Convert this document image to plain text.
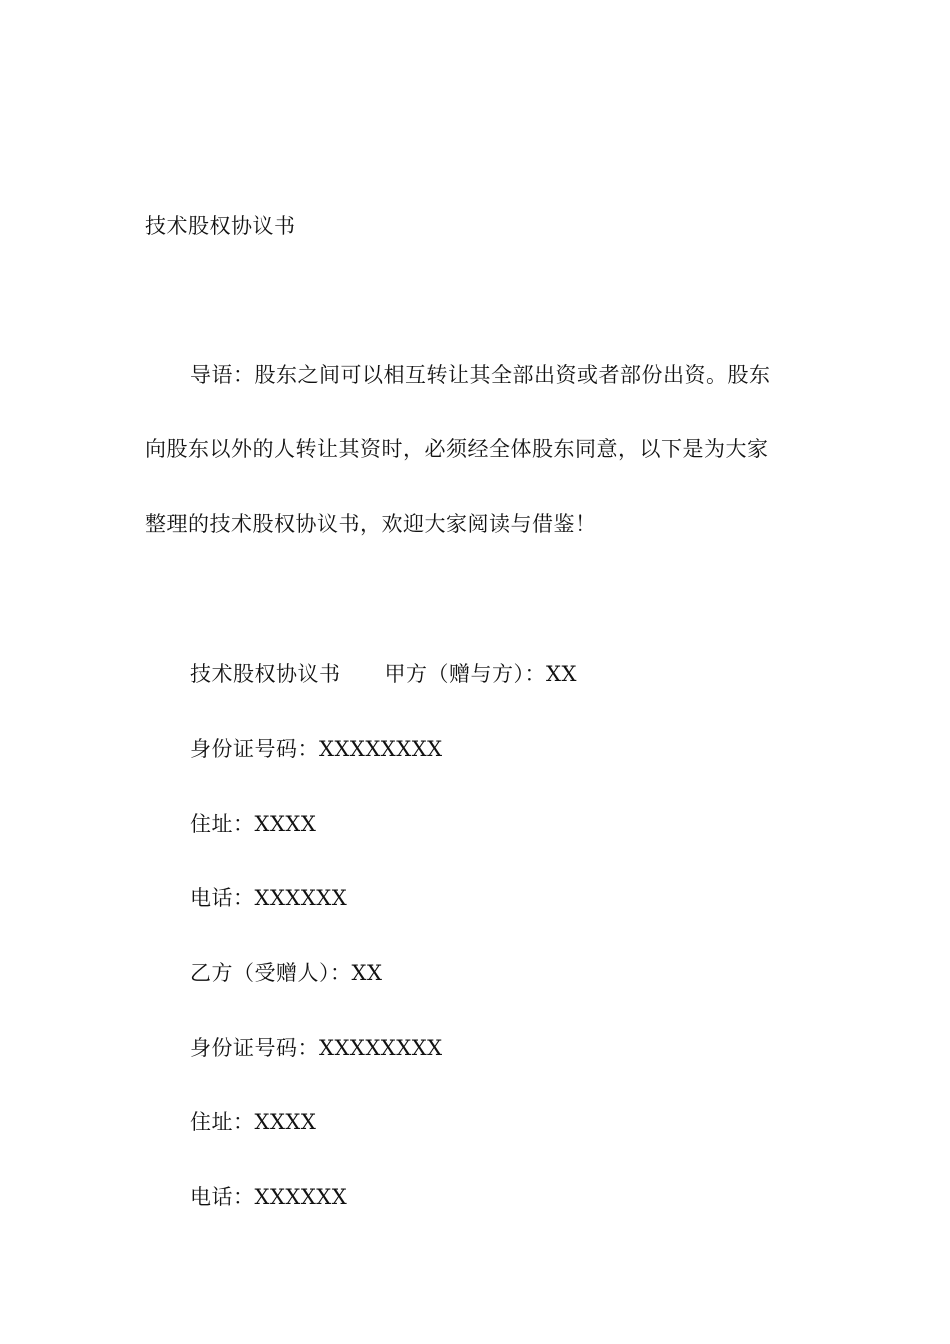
技术股权协议书
导语：股东之间可以相互转让其全部出资或者部份出资。股东
向股东以外的人转让其资时，必须经全体股东同意，以下是为大家
整理的技术股权协议书，欢迎大家阅读与借鉴！
技术股权协议书 甲方（赠与方）：XX
身份证号码：XXXXXXXX
住址：XXXX
电话：XXXXXX
乙方（受赠人）：XX
身份证号码：XXXXXXXX
住址：XXXX
电话：XXXXXX
